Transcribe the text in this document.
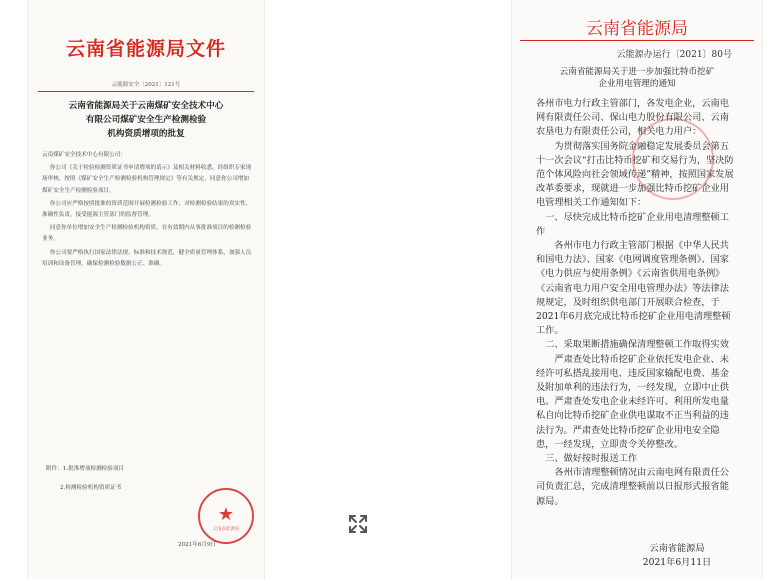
云南省能源局文件
云能源安全〔2021〕121号
云南省能源局关于云南煤矿安全技术中心
有限公司煤矿安全生产检测检验
机构资质增项的批复

云南煤矿安全技术中心有限公司：

你公司《关于检验检测资质证书申请增项的请示》及相关材料收悉。经组织专家现场审核，按照《煤矿安全生产检测检验机构管理规定》等有关规定，同意你公司增加煤矿安全生产检测检验项目。

你公司应严格按照批准的资质范围开展检测检验工作，对检测检验结果的真实性、准确性负责，接受能源主管部门的监督管理。

同意你单位增加安全生产检测检验机构资质，在有效期内从事批准项目的检测检验业务。

你公司要严格执行国家法律法规、标准和技术规范，健全质量管理体系，加强人员培训和设备管理，确保检测检验数据公正、准确。

附件：1.批准增项检测检验项目
2.检测检验机构资质证书
★
云南省能源局
2021年6月9日
云南省能源局
云能源办运行〔2021〕80号
云南省能源局关于进一步加强比特币挖矿
企业用电管理的通知

各州市电力行政主管部门，各发电企业，云南电网有限责任公司、保山电力股份有限公司、云南农垦电力有限责任公司，相关电力用户：

为贯彻落实国务院金融稳定发展委员会第五十一次会议“打击比特币挖矿和交易行为，坚决防范个体风险向社会领域传递”精神，按照国家发展改革委要求，现就进一步加强比特币挖矿企业用电管理相关工作通知如下：

一、尽快完成比特币挖矿企业用电清理整顿工作

各州市电力行政主管部门根据《中华人民共和国电力法》、国家《电网调度管理条例》、国家《电力供应与使用条例》《云南省供用电条例》《云南省电力用户安全用电管理办法》等法律法规规定，及时组织供电部门开展联合检查，于2021年6月底完成比特币挖矿企业用电清理整顿工作。

二、采取果断措施确保清理整顿工作取得实效

严肃查处比特币挖矿企业依托发电企业、未经许可私搭乱接用电、违反国家输配电费、基金及附加单利的违法行为，一经发现，立即中止供电。严肃查处发电企业未经许可、利用所发电量私自向比特币挖矿企业供电谋取不正当利益的违法行为。严肃查处比特币挖矿企业用电安全隐患，一经发现，立即责令关停整改。

三、做好按时报送工作

各州市清理整顿情况由云南电网有限责任公司负责汇总，完成清理整顿前以日报形式报省能源局。

云南省能源局
2021年6月11日
